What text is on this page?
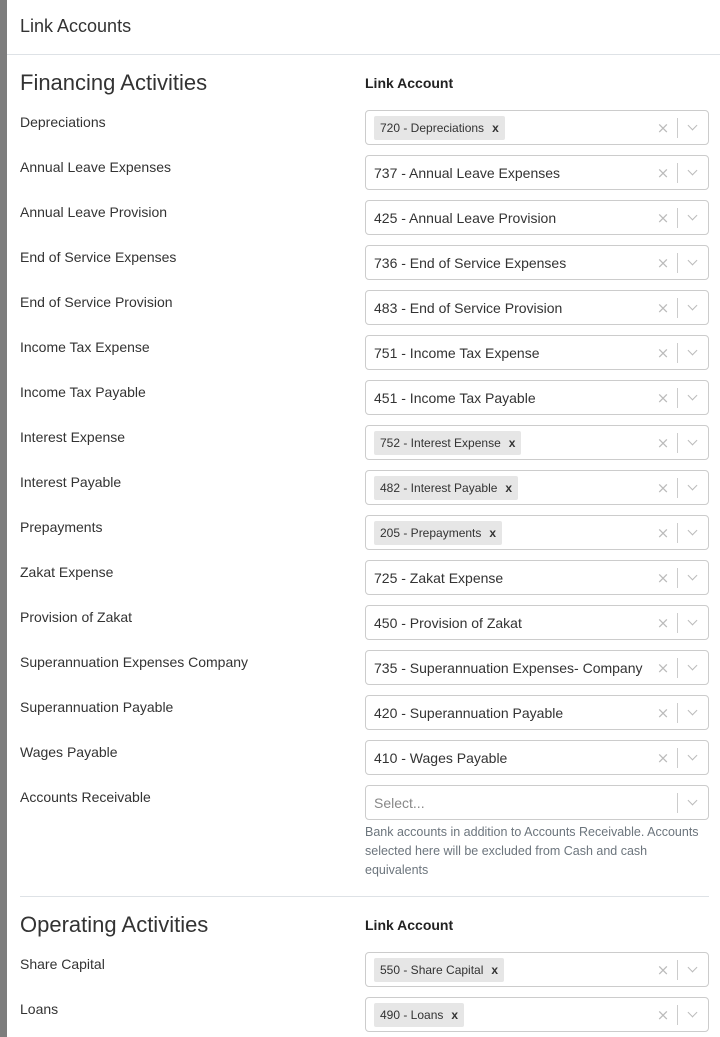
Link Accounts
Financing Activities	Link Account
Depreciations	720 - Depreciations x	×
Annual Leave Expenses	737 - Annual Leave Expenses	×
Annual Leave Provision	425 - Annual Leave Provision	×
End of Service Expenses	736 - End of Service Expenses	×
End of Service Provision	483 - End of Service Provision	×
Income Tax Expense	751 - Income Tax Expense	×
Income Tax Payable	451 - Income Tax Payable	×
Interest Expense	752 - Interest Expense x	×
Interest Payable	482 - Interest Payable x	×
Prepayments	205 - Prepayments x	×
Zakat Expense	725 - Zakat Expense	×
Provision of Zakat	450 - Provision of Zakat	×
Superannuation Expenses Company	735 - Superannuation Expenses- Company ×
Superannuation Payable	420 - Superannuation Payable	×
Wages Payable	410 - Wages Payable	×
Accounts Receivable	Select...
Bank accounts in addition to Accounts Receivable. Accounts selected here will be excluded from Cash and cash equivalents
Operating Activities	Link Account
Share Capital	550 - Share Capital x	×
Loans	490 - Loans x	×
